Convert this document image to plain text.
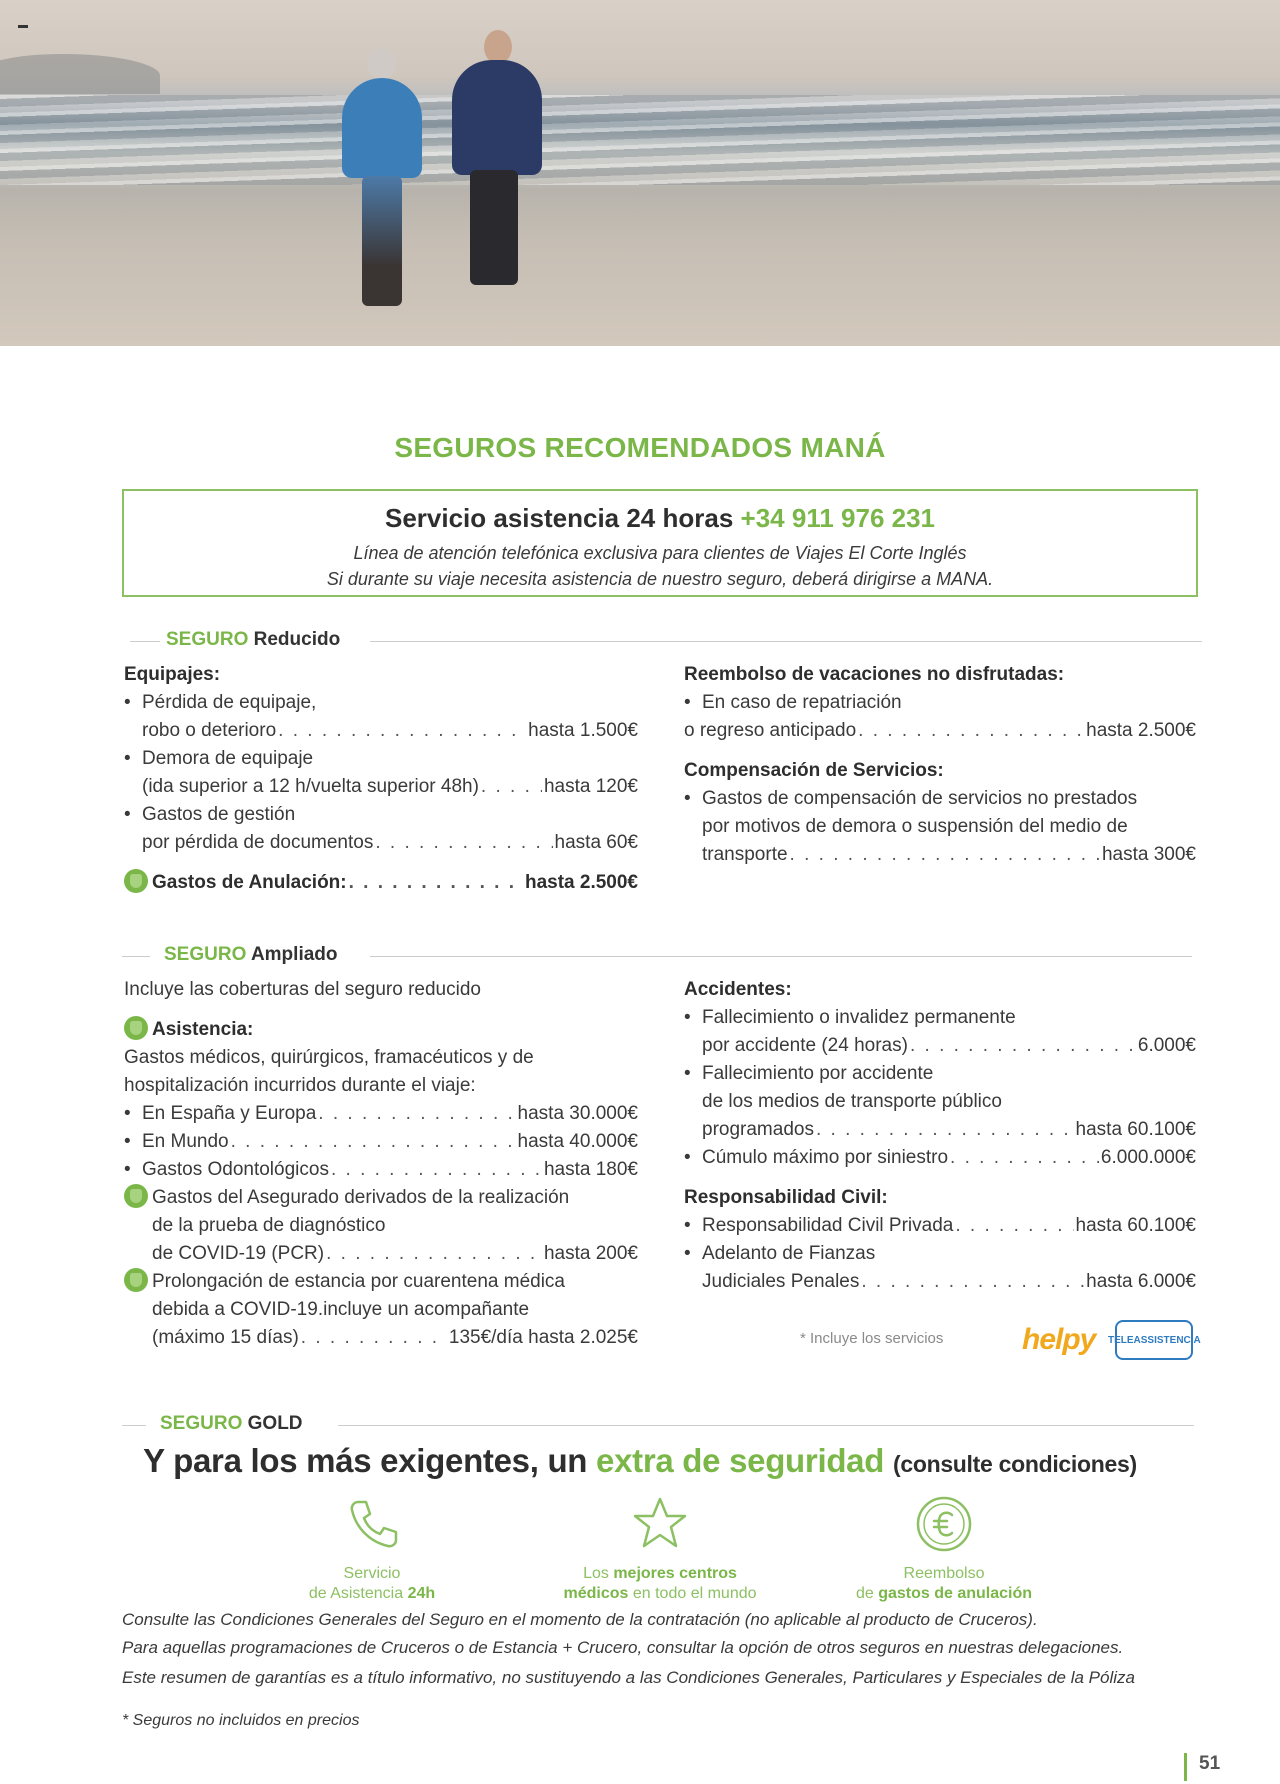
▬
SEGUROS RECOMENDADOS MANÁ
Servicio asistencia 24 horas +34 911 976 231
Línea de atención telefónica exclusiva para clientes de Viajes El Corte Inglés
Si durante su viaje necesita asistencia de nuestro seguro, deberá dirigirse a MANA.
SEGURO Reducido
Equipajes:
• Pérdida de equipaje,
robo o deterioro . . .	hasta 1.500€
• Demora de equipaje
(ida superior a 12 h/vuelta superior 48h) . . .	hasta 120€
• Gastos de gestión
por pérdida de documentos . . .	hasta 60€
Gastos de Anulación: . . .	hasta 2.500€
Reembolso de vacaciones no disfrutadas:
• En caso de repatriación
o regreso anticipado . . .	hasta 2.500€
Compensación de Servicios:
• Gastos de compensación de servicios no prestados
por motivos de demora o suspensión del medio de
transporte . . .	hasta 300€
SEGURO Ampliado
Incluye las coberturas del seguro reducido
Asistencia:
Gastos médicos, quirúrgicos, framacéuticos y de
hospitalización incurridos durante el viaje:
• En España y Europa . . .	hasta 30.000€
• En Mundo . . .	hasta 40.000€
• Gastos Odontológicos . . .	hasta 180€
Gastos del Asegurado derivados de la realización
de la prueba de diagnóstico
de COVID-19 (PCR) . . .	hasta 200€
Prolongación de estancia por cuarentena médica
debida a COVID-19.incluye un acompañante
(máximo 15 días) . . .	135€/día hasta 2.025€
Accidentes:
• Fallecimiento o invalidez permanente
por accidente (24 horas) . . .	6.000€
• Fallecimiento por accidente
de los medios de transporte público
programados . . .	hasta 60.100€
• Cúmulo máximo por siniestro . . .	6.000.000€
Responsabilidad Civil:
• Responsabilidad Civil Privada . . .	hasta 60.100€
• Adelanto de Fianzas
Judiciales Penales . . .	hasta 6.000€
* Incluye los servicios	helpy TELEASSISTENCIA
SEGURO GOLD
Y para los más exigentes, un extra de seguridad (consulte condiciones)
Servicio
de Asistencia 24h
Los mejores centros
médicos en todo el mundo
Reembolso
de gastos de anulación
Consulte las Condiciones Generales del Seguro en el momento de la contratación (no aplicable al producto de Cruceros).
Para aquellas programaciones de Cruceros o de Estancia + Crucero, consultar la opción de otros seguros en nuestras delegaciones.
Este resumen de garantías es a título informativo, no sustituyendo a las Condiciones Generales, Particulares y Especiales de la Póliza
* Seguros no incluidos en precios
51
